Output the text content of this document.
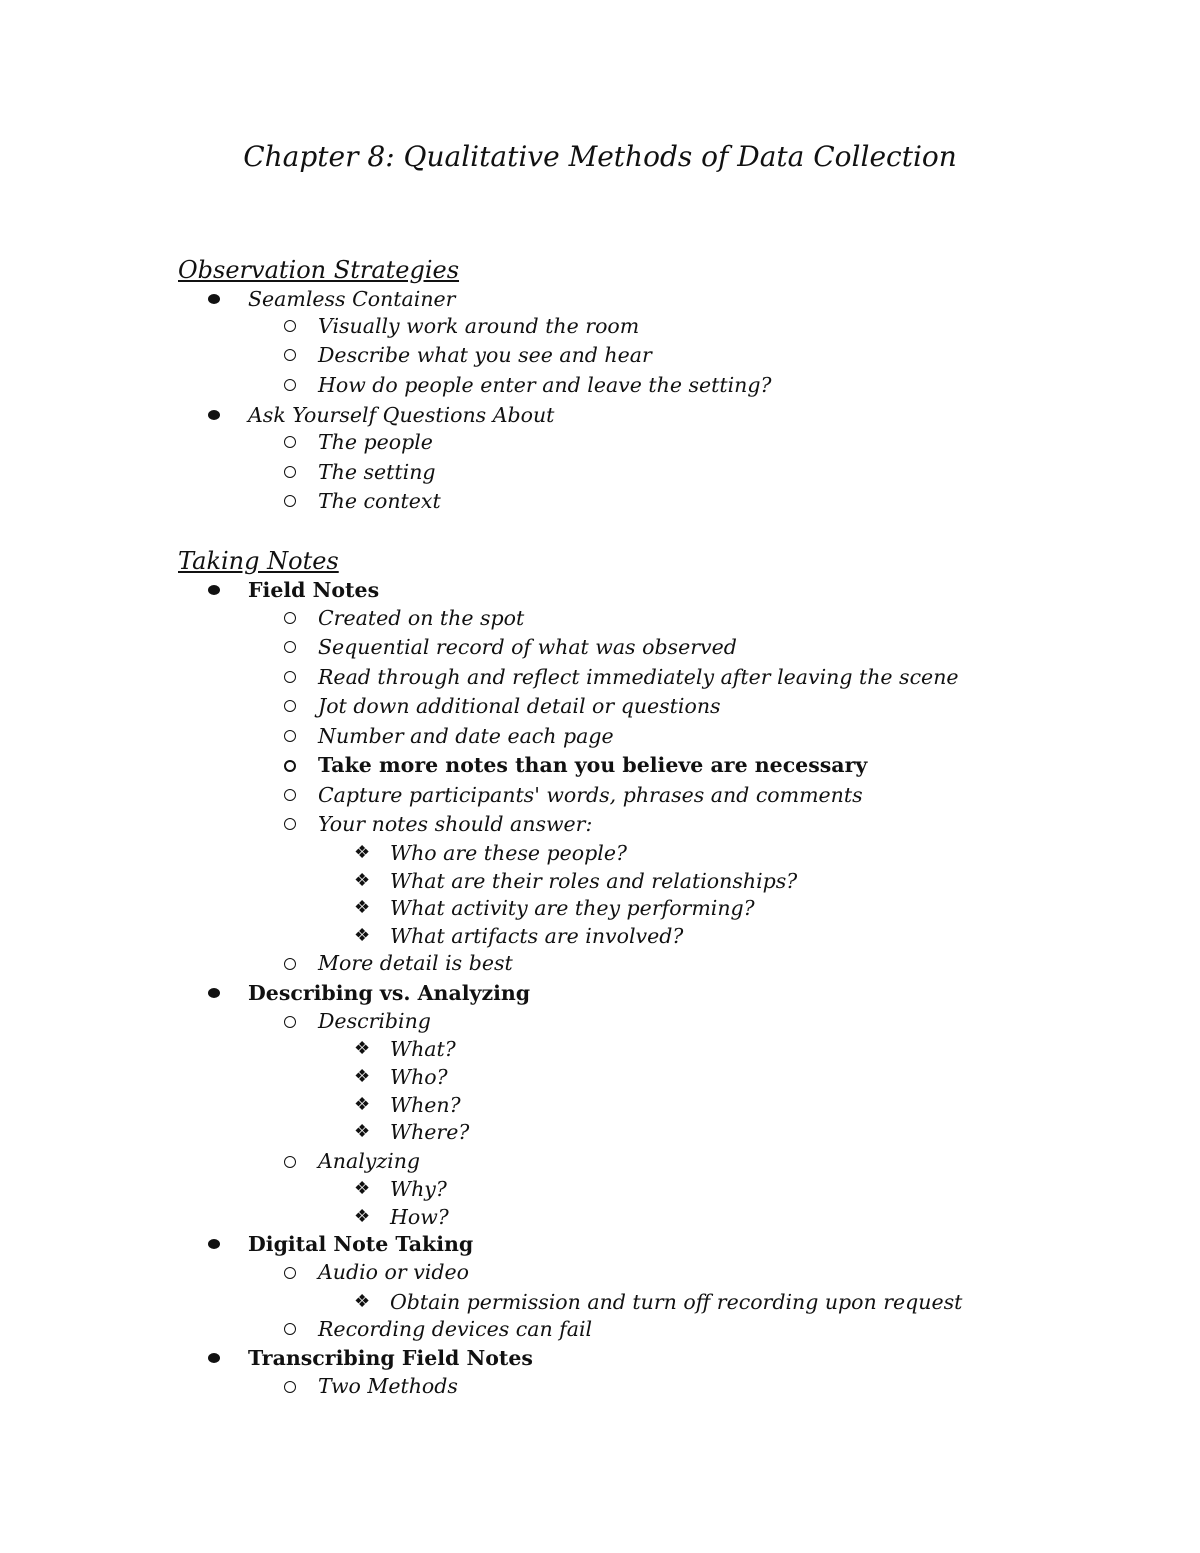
Chapter 8: Qualitative Methods of Data Collection
Observation Strategies
Seamless Container
Visually work around the room
Describe what you see and hear
How do people enter and leave the setting?
Ask Yourself Questions About
The people
The setting
The context
Taking Notes
Field Notes
Created on the spot
Sequential record of what was observed
Read through and reflect immediately after leaving the scene
Jot down additional detail or questions
Number and date each page
Take more notes than you believe are necessary
Capture participants' words, phrases and comments
Your notes should answer:
❖ Who are these people?
❖ What are their roles and relationships?
❖ What activity are they performing?
❖ What artifacts are involved?
More detail is best
Describing vs. Analyzing
Describing
❖ What?
❖ Who?
❖ When?
❖ Where?
Analyzing
❖ Why?
❖ How?
Digital Note Taking
Audio or video
❖ Obtain permission and turn off recording upon request
Recording devices can fail
Transcribing Field Notes
Two Methods
